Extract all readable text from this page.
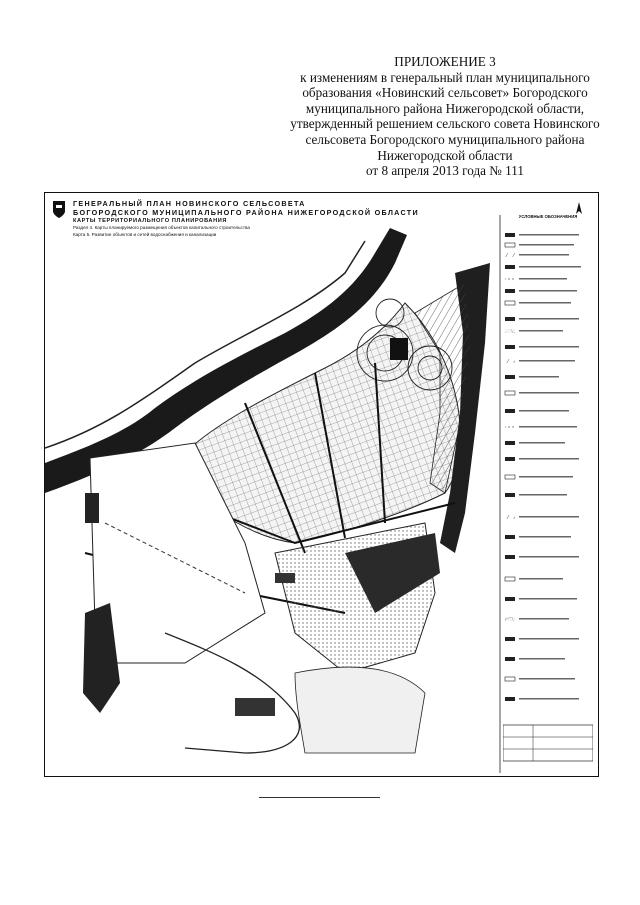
ПРИЛОЖЕНИЕ 3
к изменениям в генеральный план муниципального
образования «Новинский сельсовет» Богородского
муниципального района Нижегородской области,
утвержденный решением сельского совета Новинского
сельсовета Богородского муниципального района
Нижегородской области
от 8 апреля 2013 года № 111
ГЕНЕРАЛЬНЫЙ ПЛАН НОВИНСКОГО СЕЛЬСОВЕТА
БОГОРОДСКОГО МУНИЦИПАЛЬНОГО РАЙОНА НИЖЕГОРОДСКОЙ ОБЛАСТИ
КАРТЫ ТЕРРИТОРИАЛЬНОГО ПЛАНИРОВАНИЯ
Раздел 4. Карты планируемого размещения объектов капитального строительства
Карта 5. Развитие объектов и сетей водоснабжения и канализации
УСЛОВНЫЕ ОБОЗНАЧЕНИЯ
